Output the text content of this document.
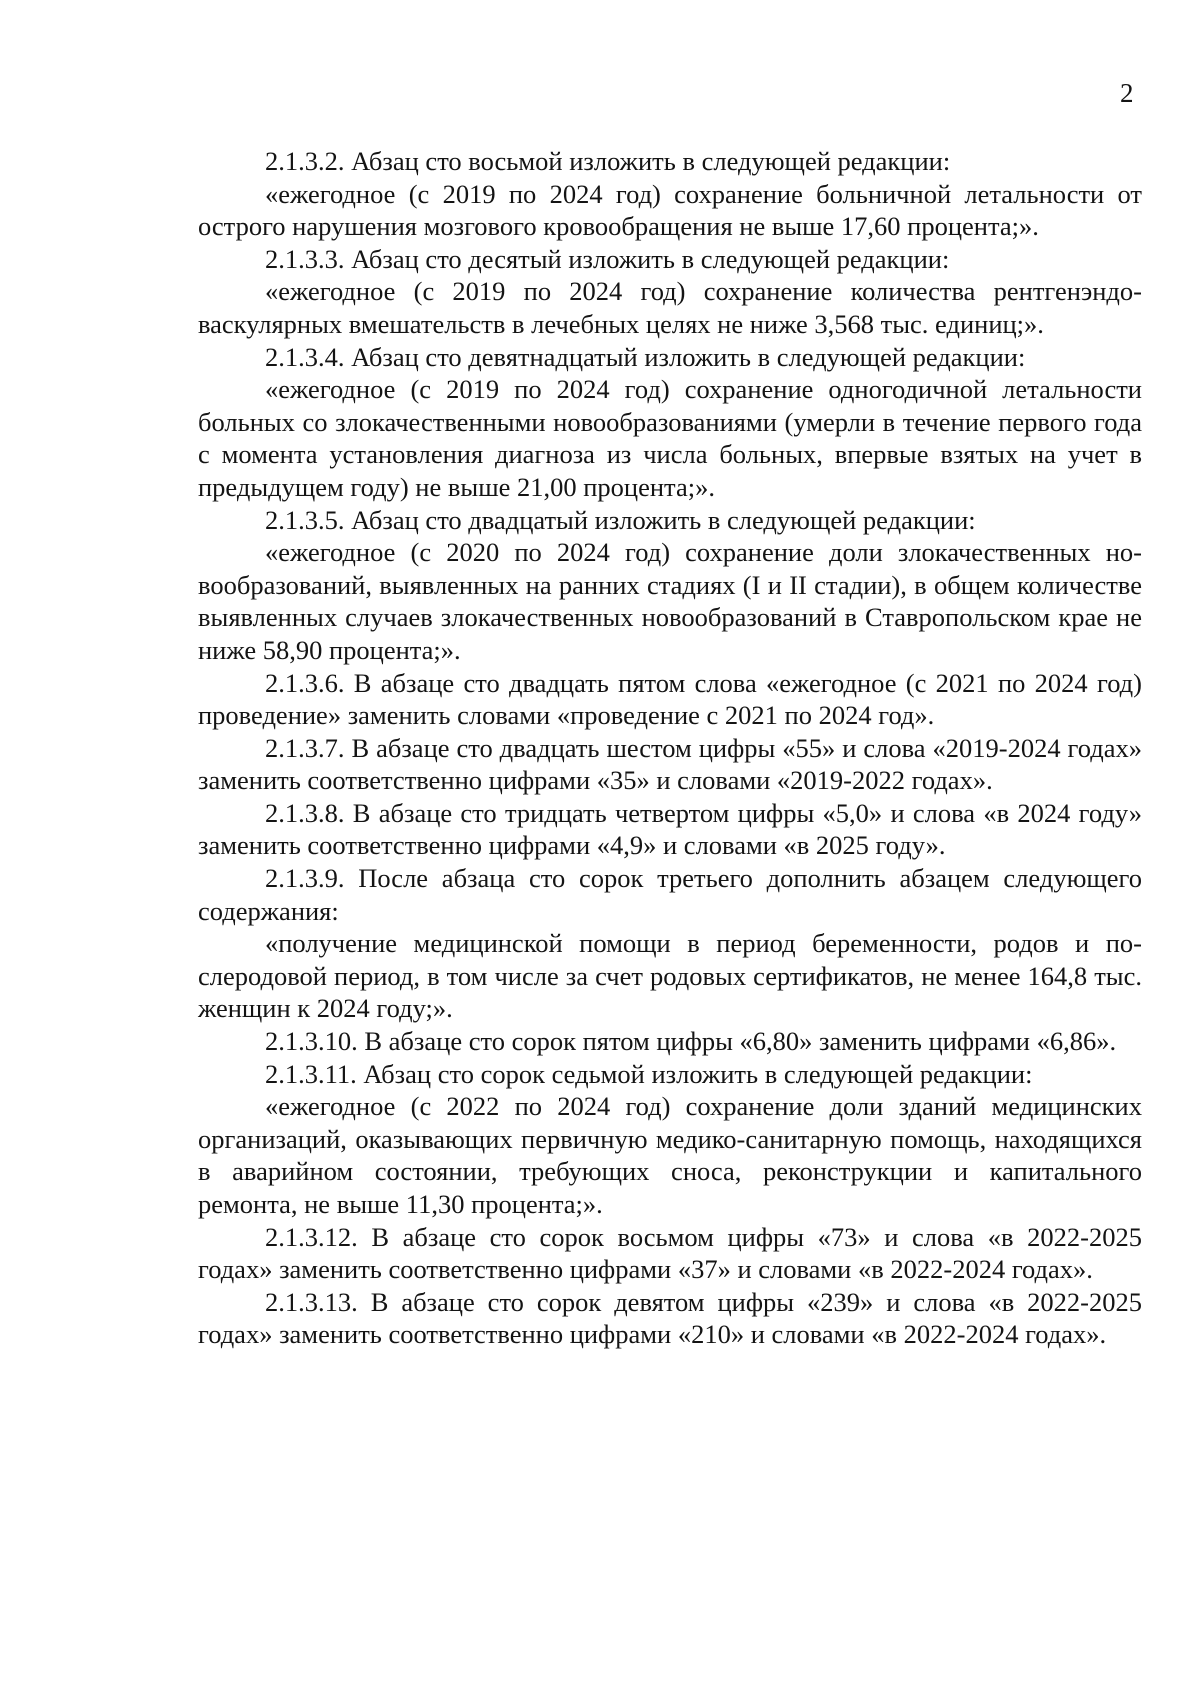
2

2.1.3.2. Абзац сто восьмой изложить в следующей редакции:

«ежегодное (с 2019 по 2024 год) сохранение больничной летальности от острого нарушения мозгового кровообращения не выше 17,60 процента;».

2.1.3.3. Абзац сто десятый изложить в следующей редакции:

«ежегодное (с 2019 по 2024 год) сохранение количества рентгенэндоваскулярных вмешательств в лечебных целях не ниже 3,568 тыс. единиц;».

2.1.3.4. Абзац сто девятнадцатый изложить в следующей редакции:

«ежегодное (с 2019 по 2024 год) сохранение одногодичной летальности больных со злокачественными новообразованиями (умерли в течение первого года с момента установления диагноза из числа больных, впервые взятых на учет в предыдущем году) не выше 21,00 процента;».

2.1.3.5. Абзац сто двадцатый изложить в следующей редакции:

«ежегодное (с 2020 по 2024 год) сохранение доли злокачественных новообразований, выявленных на ранних стадиях (I и II стадии), в общем количестве выявленных случаев злокачественных новообразований в Ставропольском крае не ниже 58,90 процента;».

2.1.3.6. В абзаце сто двадцать пятом слова «ежегодное (с 2021 по 2024 год) проведение» заменить словами «проведение с 2021 по 2024 год».

2.1.3.7. В абзаце сто двадцать шестом цифры «55» и слова «2019-2024 годах» заменить соответственно цифрами «35» и словами «2019-2022 годах».

2.1.3.8. В абзаце сто тридцать четвертом цифры «5,0» и слова «в 2024 году» заменить соответственно цифрами «4,9» и словами «в 2025 году».

2.1.3.9. После абзаца сто сорок третьего дополнить абзацем следующего содержания:

«получение медицинской помощи в период беременности, родов и послеродовой период, в том числе за счет родовых сертификатов, не менее 164,8 тыс. женщин к 2024 году;».

2.1.3.10. В абзаце сто сорок пятом цифры «6,80» заменить цифрами «6,86».

2.1.3.11. Абзац сто сорок седьмой изложить в следующей редакции:

«ежегодное (с 2022 по 2024 год) сохранение доли зданий медицинских организаций, оказывающих первичную медико-санитарную помощь, находящихся в аварийном состоянии, требующих сноса, реконструкции и капитального ремонта, не выше 11,30 процента;».

2.1.3.12. В абзаце сто сорок восьмом цифры «73» и слова «в 2022-2025 годах» заменить соответственно цифрами «37» и словами «в 2022-2024 годах».

2.1.3.13. В абзаце сто сорок девятом цифры «239» и слова «в 2022-2025 годах» заменить соответственно цифрами «210» и словами «в 2022-2024 годах».
